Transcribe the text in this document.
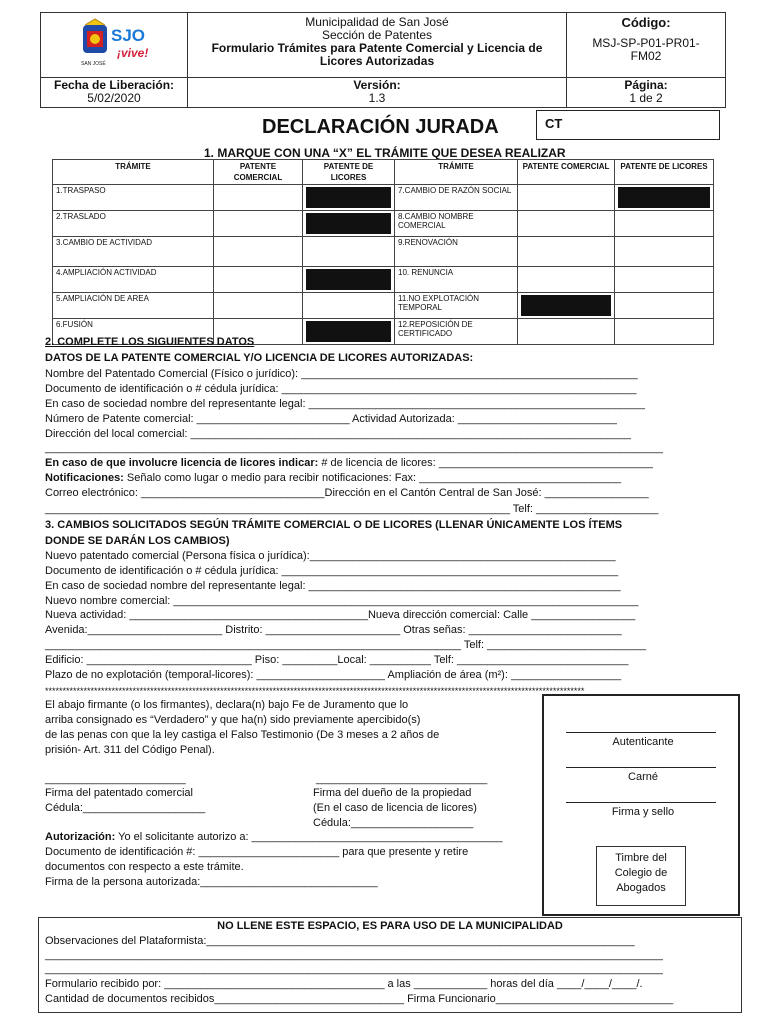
SJO
¡vive!
SAN JOSÉ
Municipalidad de San José
Sección de Patentes
Formulario Trámites para Patente Comercial y Licencia de Licores Autorizadas
Código:
MSJ-SP-P01-PR01-FM02
Fecha de Liberación:
5/02/2020
Versión:
1.3
Página:
1 de 2
DECLARACIÓN JURADA	CT
1. MARQUE CON UNA “X” EL TRÁMITE QUE DESEA REALIZAR
TRÁMITE	PATENTE COMERCIAL	PATENTE DE LICORES	TRÁMITE	PATENTE COMERCIAL	PATENTE DE LICORES
1.TRASPASO			7.CAMBIO DE RAZÓN SOCIAL		

2.TRASLADO			8.CAMBIO NOMBRE COMERCIAL		
3.CAMBIO DE ACTIVIDAD			9.RENOVACIÓN		
4.AMPLIACIÓN ACTIVIDAD			10. RENUNCIA		
5.AMPLIACIÓN DE AREA			11.NO EXPLOTACIÓN TEMPORAL	

6.FUSIÓN			12.REPOSICIÓN DE CERTIFICADO		
2. COMPLETE LOS SIGUIENTES DATOS
DATOS DE LA PATENTE COMERCIAL Y/O LICENCIA DE LICORES AUTORIZADAS:
Nombre del Patentado Comercial (Físico o jurídico): _______________________________________________________
Documento de identificación o # cédula jurídica: __________________________________________________________
En caso de sociedad nombre del representante legal: _______________________________________________________
Número de Patente comercial: _________________________ Actividad Autorizada: __________________________
Dirección del local comercial: ________________________________________________________________________
_____________________________________________________________________________________________________
En caso de que involucre licencia de licores indicar: # de licencia de licores: ___________________________________
Notificaciones: Señalo como lugar o medio para recibir notificaciones: Fax: _________________________________
Correo electrónico: ______________________________Dirección en el Cantón Central de San José: _________________
____________________________________________________________________________ Telf: ____________________
3. CAMBIOS SOLICITADOS SEGÚN TRÁMITE COMERCIAL O DE LICORES (LLENAR ÚNICAMENTE LOS ÍTEMS
DONDE SE DARÁN LOS CAMBIOS)
Nuevo patentado comercial (Persona física o jurídica):__________________________________________________
Documento de identificación o # cédula jurídica: _______________________________________________________
En caso de sociedad nombre del representante legal: ___________________________________________________
Nuevo nombre comercial: ____________________________________________________________________________
Nueva actividad: _______________________________________Nueva dirección comercial: Calle _________________
Avenida:______________________ Distrito: ______________________ Otras señas: _________________________
____________________________________________________________________ Telf: __________________________
Edificio: ___________________________ Piso: _________Local: __________ Telf: ____________________________
Plazo de no explotación (temporal-licores): _____________________ Ampliación de área (m²): __________________
**********************************************************************************************************************************************************
El abajo firmante (o los firmantes), declara(n) bajo Fe de Juramento que lo
arriba consignado es “Verdadero” y que ha(n) sido previamente apercibido(s)
de las penas con que la ley castiga el Falso Testimonio (De 3 meses a 2 años de
prisión- Art. 311 del Código Penal).
_______________________	____________________________
Firma del patentado comercial
Cédula:____________________
Firma del dueño de la propiedad
(En el caso de licencia de licores)
Cédula:____________________
Autorización: Yo el solicitante autorizo a: _________________________________________
Documento de identificación #: _______________________ para que presente y retire
documentos con respecto a este trámite.
Firma de la persona autorizada:_____________________________
Autenticante
Carné
Firma y sello
Timbre del Colegio de Abogados
NO LLENE ESTE ESPACIO, ES PARA USO DE LA MUNICIPALIDAD
Observaciones del Plataformista:______________________________________________________________________
_____________________________________________________________________________________________________
_____________________________________________________________________________________________________
Formulario recibido por: ____________________________________ a las ____________ horas del día ____/____/____/.
Cantidad de documentos recibidos_______________________________ Firma Funcionario_____________________________
